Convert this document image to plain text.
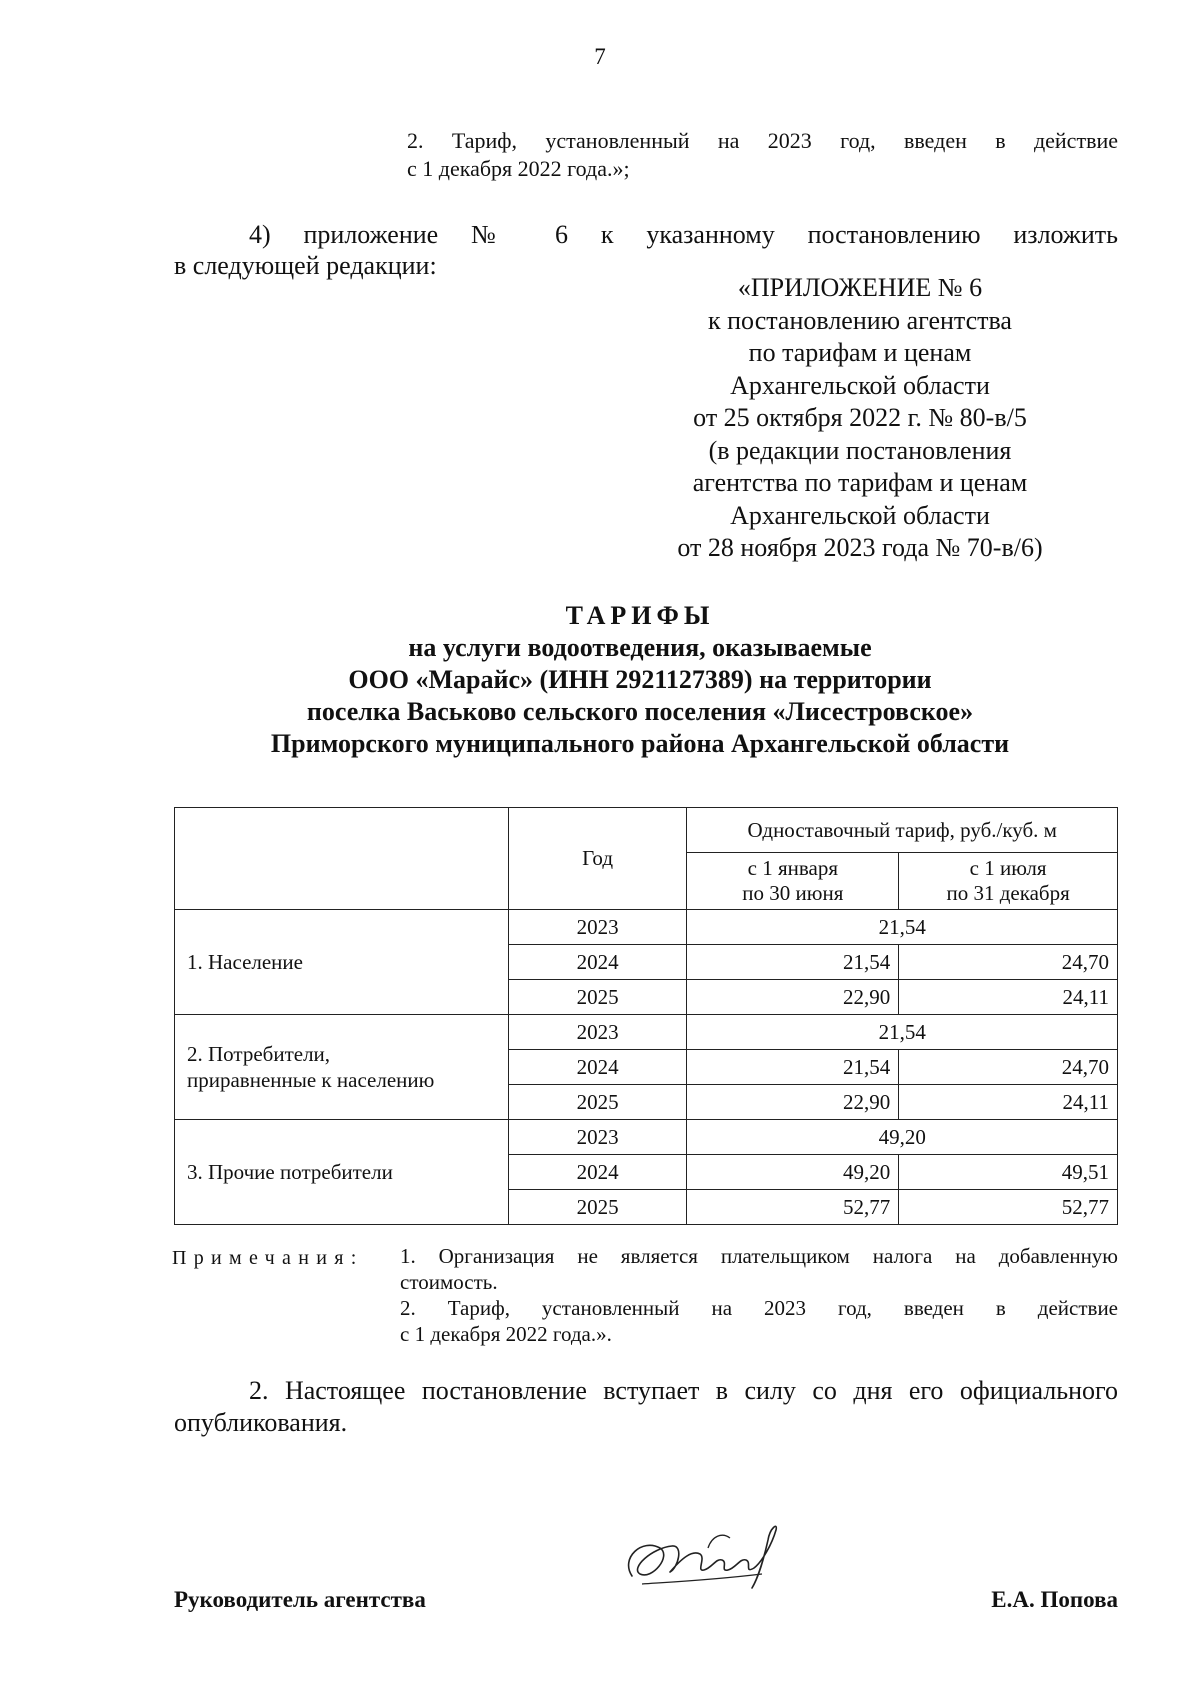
7
2. Тариф, установленный на 2023 год, введен в действие
с 1 декабря 2022 года.»;
4) приложение № 6 к указанному постановлению изложить
в следующей редакции:
«ПРИЛОЖЕНИЕ № 6
к постановлению агентства
по тарифам и ценам
Архангельской области
от 25 октября 2022 г. № 80-в/5
(в редакции постановления
агентства по тарифам и ценам
Архангельской области
от 28 ноября 2023 года № 70-в/6)
ТАРИФЫ
на услуги водоотведения, оказываемые
ООО «Марайс» (ИНН 2921127389) на территории
поселка Васьково сельского поселения «Лисестровское»
Приморского муниципального района Архангельской области
	Год	Одноставочный тариф, руб./куб. м	
		с 1 января
по 30 июня	с 1 июля
по 31 декабря
1. Население	2023	21,54	
	2024	21,54	24,70
	2025	22,90	24,11
2. Потребители,
приравненные к населению	2023	21,54	
	2024	21,54	24,70
	2025	22,90	24,11
3. Прочие потребители	2023	49,20	
	2024	49,20	49,51
	2025	52,77	52,77
Примечания: 1. Организация не является плательщиком налога на добавленную
стоимость.
2. Тариф, установленный на 2023 год, введен в действие
с 1 декабря 2022 года.».
2. Настоящее постановление вступает в силу со дня его официального
опубликования.
Руководитель агентства	Е.А. Попова
